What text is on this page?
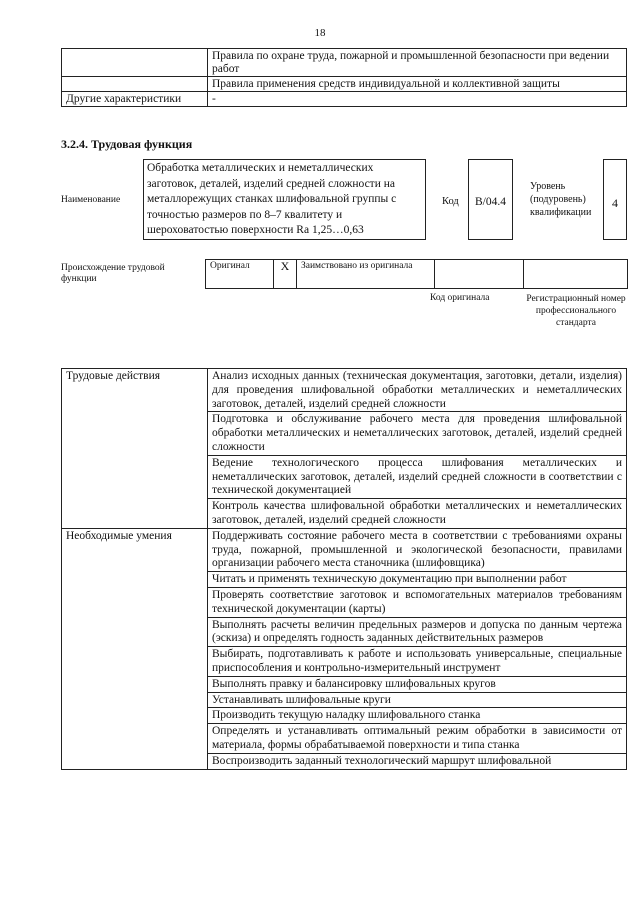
18
	Правила по охране труда, пожарной и промышленной безопасности при ведении работ
	Правила применения средств индивидуальной и коллективной защиты
Другие характеристики	-
3.2.4. Трудовая функция
Наименование
Обработка металлических и неметаллических заготовок, деталей, изделий средней сложности на металлорежущих станках шлифовальной группы с точностью размеров по 8–7 квалитету и шероховатостью поверхности Ra 1,25…0,63
Код	B/04.4
Уровень (подуровень) квалификации
4
Происхождение трудовой функции
Оригинал	X	Заимствовано из оригинала		
Код оригинала	Регистрационный номер профессионального стандарта
Трудовые действия	Анализ исходных данных (техническая документация, заготовки, детали, изделия) для проведения шлифовальной обработки металлических и неметаллических заготовок, деталей, изделий средней сложности
	Подготовка и обслуживание рабочего места для проведения шлифовальной обработки металлических и неметаллических заготовок, деталей, изделий средней сложности
	Ведение технологического процесса шлифования металлических и неметаллических заготовок, деталей, изделий средней сложности в соответствии с технической документацией
	Контроль качества шлифовальной обработки металлических и неметаллических заготовок, деталей, изделий средней сложности
Необходимые умения	Поддерживать состояние рабочего места в соответствии с требованиями охраны труда, пожарной, промышленной и экологической безопасности, правилами организации рабочего места станочника (шлифовщика)
	Читать и применять техническую документацию при выполнении работ
	Проверять соответствие заготовок и вспомогательных материалов требованиям технической документации (карты)
	Выполнять расчеты величин предельных размеров и допуска по данным чертежа (эскиза) и определять годность заданных действительных размеров
	Выбирать, подготавливать к работе и использовать универсальные, специальные приспособления и контрольно-измерительный инструмент
	Выполнять правку и балансировку шлифовальных кругов
	Устанавливать шлифовальные круги
	Производить текущую наладку шлифовального станка
	Определять и устанавливать оптимальный режим обработки в зависимости от материала, формы обрабатываемой поверхности и типа станка
	Воспроизводить заданный технологический маршрут шлифовальной
